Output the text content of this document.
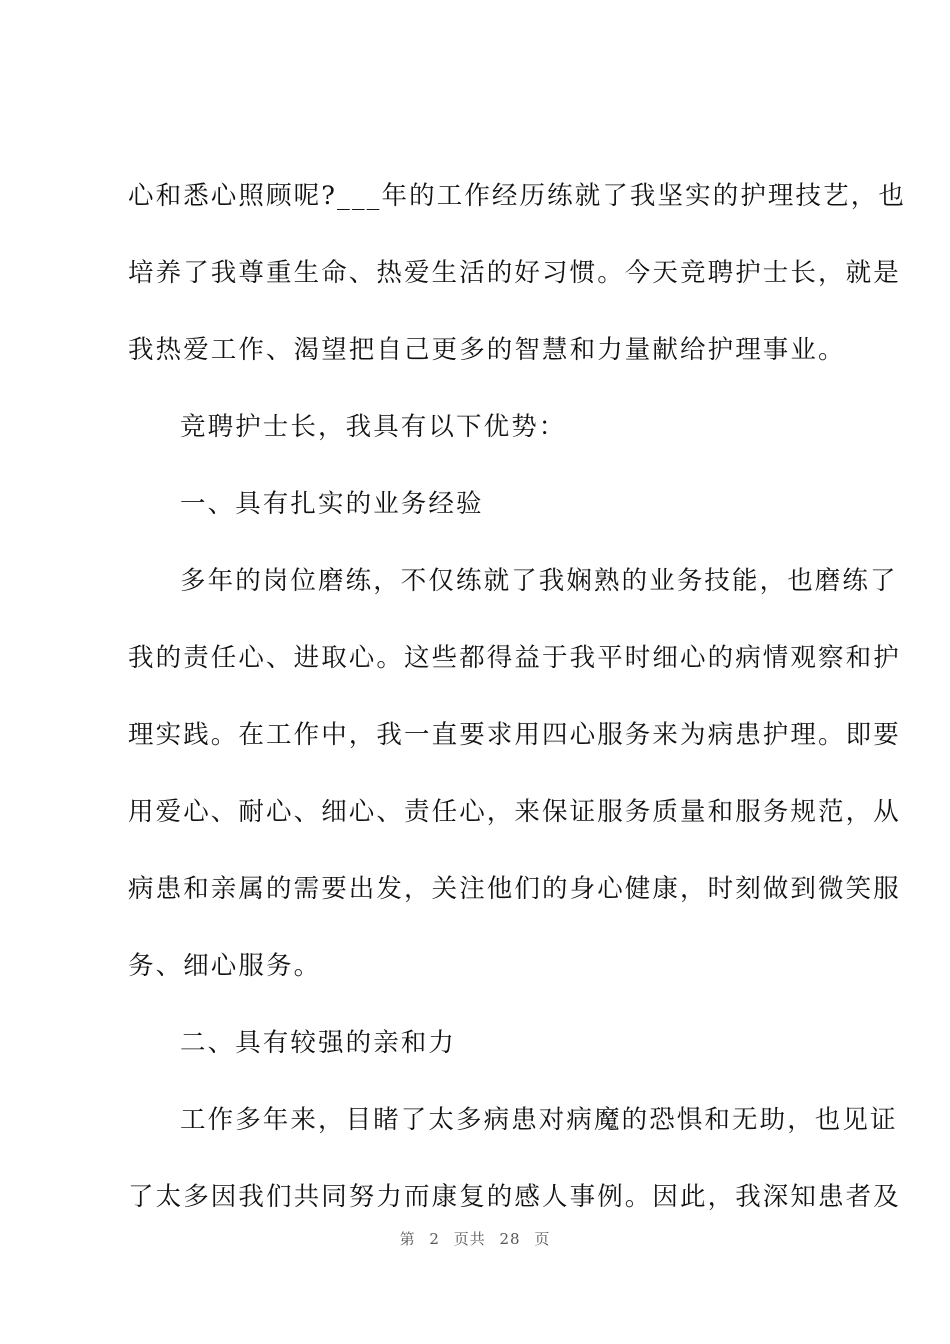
心和悉心照顾呢?___年的工作经历练就了我坚实的护理技艺，也
培养了我尊重生命、热爱生活的好习惯。今天竞聘护士长，就是
我热爱工作、渴望把自己更多的智慧和力量献给护理事业。
竞聘护士长，我具有以下优势：
一、具有扎实的业务经验
多年的岗位磨练，不仅练就了我娴熟的业务技能，也磨练了
我的责任心、进取心。这些都得益于我平时细心的病情观察和护
理实践。在工作中，我一直要求用四心服务来为病患护理。即要
用爱心、耐心、细心、责任心，来保证服务质量和服务规范，从
病患和亲属的需要出发，关注他们的身心健康，时刻做到微笑服
务、细心服务。
二、具有较强的亲和力
工作多年来，目睹了太多病患对病魔的恐惧和无助，也见证
了太多因我们共同努力而康复的感人事例。因此，我深知患者及
第 2 页共 28 页
